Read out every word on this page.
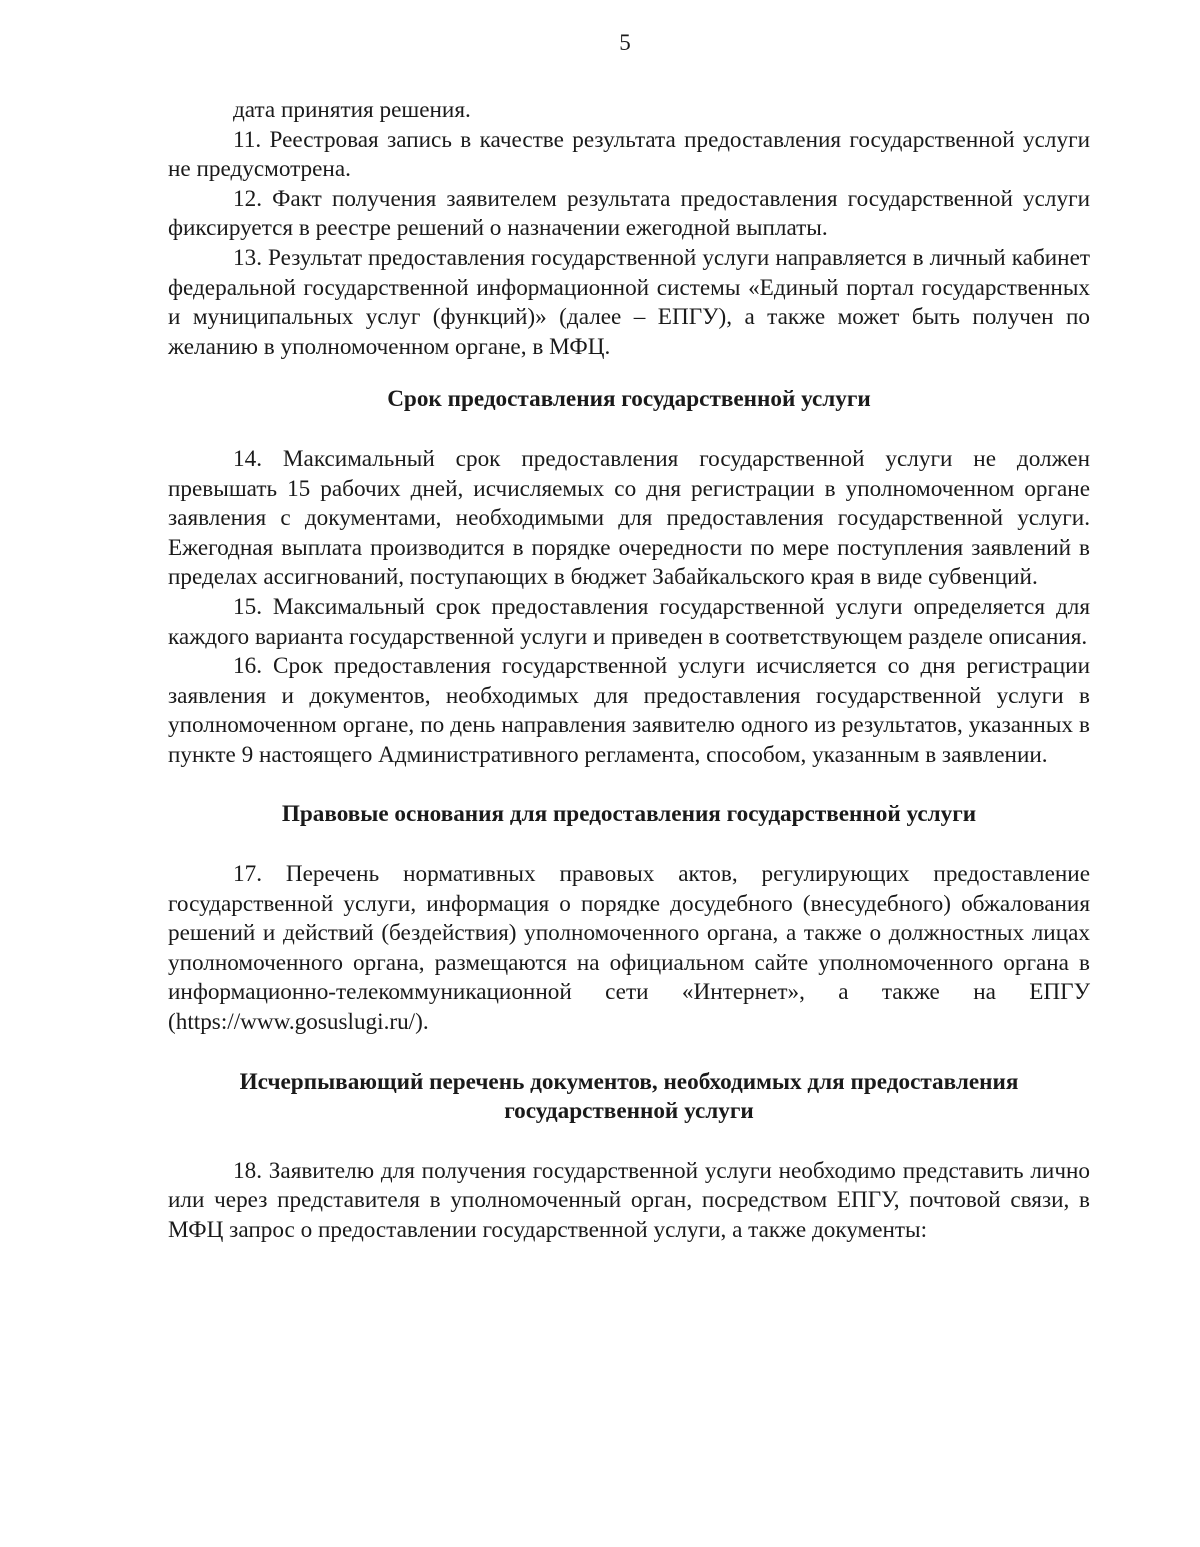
5

дата принятия решения.

11. Реестровая запись в качестве результата предоставления государственной услуги не предусмотрена.

12. Факт получения заявителем результата предоставления государственной услуги фиксируется в реестре решений о назначении ежегодной выплаты.

13. Результат предоставления государственной услуги направляется в личный кабинет федеральной государственной информационной системы «Единый портал государственных и муниципальных услуг (функций)» (далее – ЕПГУ), а также может быть получен по желанию в уполномоченном органе, в МФЦ.

Срок предоставления государственной услуги

14. Максимальный срок предоставления государственной услуги не должен превышать 15 рабочих дней, исчисляемых со дня регистрации в уполномоченном органе заявления с документами, необходимыми для предоставления государственной услуги. Ежегодная выплата производится в порядке очередности по мере поступления заявлений в пределах ассигнований, поступающих в бюджет Забайкальского края в виде субвенций.

15. Максимальный срок предоставления государственной услуги определяется для каждого варианта государственной услуги и приведен в соответствующем разделе описания.

16. Срок предоставления государственной услуги исчисляется со дня регистрации заявления и документов, необходимых для предоставления государственной услуги в уполномоченном органе, по день направления заявителю одного из результатов, указанных в пункте 9 настоящего Административного регламента, способом, указанным в заявлении.

Правовые основания для предоставления государственной услуги

17. Перечень нормативных правовых актов, регулирующих предоставление государственной услуги, информация о порядке досудебного (внесудебного) обжалования решений и действий (бездействия) уполномоченного органа, а также о должностных лицах уполномоченного органа, размещаются на официальном сайте уполномоченного органа в информационно-телекоммуникационной сети «Интернет», а также на ЕПГУ (https://www.gosuslugi.ru/).

Исчерпывающий перечень документов, необходимых для предоставления
государственной услуги

18. Заявителю для получения государственной услуги необходимо представить лично или через представителя в уполномоченный орган, посредством ЕПГУ, почтовой связи, в МФЦ запрос о предоставлении государственной услуги, а также документы:
